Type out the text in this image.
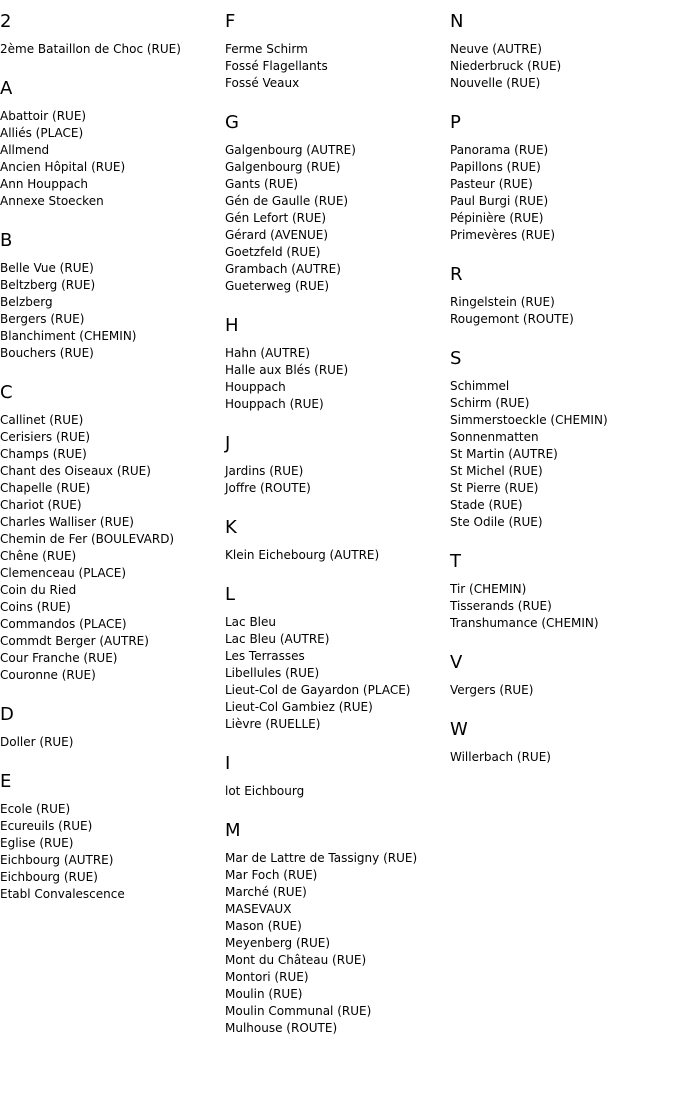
2
2ème Bataillon de Choc (RUE)
A
Abattoir (RUE)
Alliés (PLACE)
Allmend
Ancien Hôpital (RUE)
Ann Houppach
Annexe Stoecken
B
Belle Vue (RUE)
Beltzberg (RUE)
Belzberg
Bergers (RUE)
Blanchiment (CHEMIN)
Bouchers (RUE)
C
Callinet (RUE)
Cerisiers (RUE)
Champs (RUE)
Chant des Oiseaux (RUE)
Chapelle (RUE)
Chariot (RUE)
Charles Walliser (RUE)
Chemin de Fer (BOULEVARD)
Chêne (RUE)
Clemenceau (PLACE)
Coin du Ried
Coins (RUE)
Commandos (PLACE)
Commdt Berger (AUTRE)
Cour Franche (RUE)
Couronne (RUE)
D
Doller (RUE)
E
Ecole (RUE)
Ecureuils (RUE)
Eglise (RUE)
Eichbourg (AUTRE)
Eichbourg (RUE)
Etabl Convalescence
F
Ferme Schirm
Fossé Flagellants
Fossé Veaux
G
Galgenbourg (AUTRE)
Galgenbourg (RUE)
Gants (RUE)
Gén de Gaulle (RUE)
Gén Lefort (RUE)
Gérard (AVENUE)
Goetzfeld (RUE)
Grambach (AUTRE)
Gueterweg (RUE)
H
Hahn (AUTRE)
Halle aux Blés (RUE)
Houppach
Houppach (RUE)
J
Jardins (RUE)
Joffre (ROUTE)
K
Klein Eichebourg (AUTRE)
L
Lac Bleu
Lac Bleu (AUTRE)
Les Terrasses
Libellules (RUE)
Lieut-Col de Gayardon (PLACE)
Lieut-Col Gambiez (RUE)
Lièvre (RUELLE)
I
lot Eichbourg
M
Mar de Lattre de Tassigny (RUE)
Mar Foch (RUE)
Marché (RUE)
MASEVAUX
Mason (RUE)
Meyenberg (RUE)
Mont du Château (RUE)
Montori (RUE)
Moulin (RUE)
Moulin Communal (RUE)
Mulhouse (ROUTE)
N
Neuve (AUTRE)
Niederbruck (RUE)
Nouvelle (RUE)
P
Panorama (RUE)
Papillons (RUE)
Pasteur (RUE)
Paul Burgi (RUE)
Pépinière (RUE)
Primevères (RUE)
R
Ringelstein (RUE)
Rougemont (ROUTE)
S
Schimmel
Schirm (RUE)
Simmerstoeckle (CHEMIN)
Sonnenmatten
St Martin (AUTRE)
St Michel (RUE)
St Pierre (RUE)
Stade (RUE)
Ste Odile (RUE)
T
Tir (CHEMIN)
Tisserands (RUE)
Transhumance (CHEMIN)
V
Vergers (RUE)
W
Willerbach (RUE)
